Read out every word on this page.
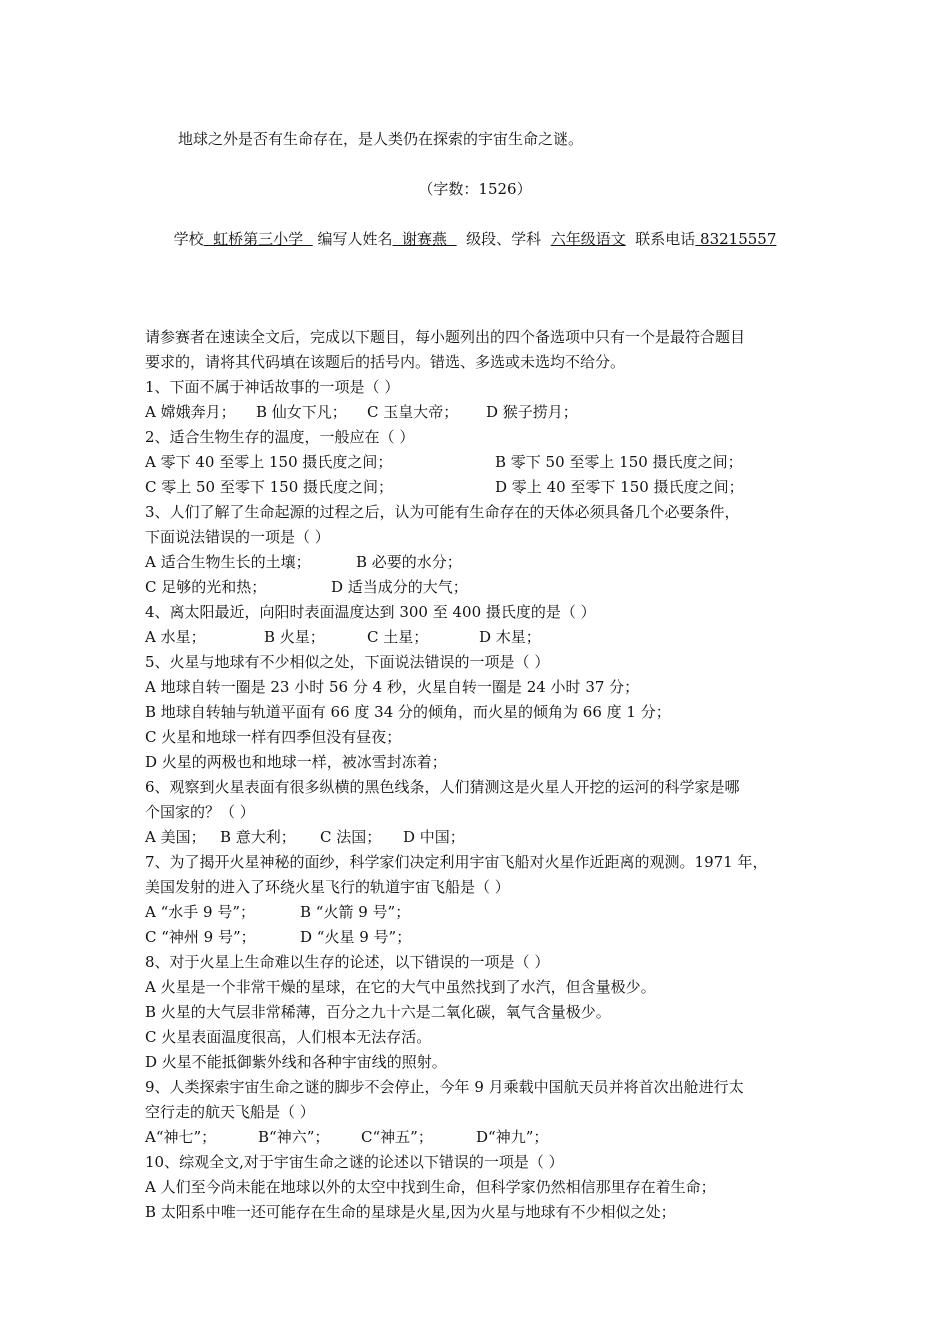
地球之外是否有生命存在，是人类仍在探索的宇宙生命之谜。
（字数：1526）
学校  虹桥第三小学   编写人姓名  谢赛燕    级段、学科 六年级语文 联系电话 83215557
请参赛者在速读全文后，完成以下题目，每小题列出的四个备选项中只有一个是最符合题目
要求的，请将其代码填在该题后的括号内。错选、多选或未选均不给分。
1、下面不属于神话故事的一项是（ ）
A 嫦娥奔月； B 仙女下凡； C 玉皇大帝； D 猴子捞月；
2、适合生物生存的温度，一般应在（ ）
A 零下 40 至零上 150 摄氏度之间；	B 零下 50 至零上 150 摄氏度之间；
C 零上 50 至零下 150 摄氏度之间；	D 零上 40 至零下 150 摄氏度之间；
3、人们了解了生命起源的过程之后，认为可能有生命存在的天体必须具备几个必要条件，
下面说法错误的一项是（ ）
A 适合生物生长的土壤；	B 必要的水分；
C 足够的光和热；	D 适当成分的大气；
4、离太阳最近，向阳时表面温度达到 300 至 400 摄氏度的是（ ）
A 水星；	B 火星；	C 土星；	D 木星；
5、火星与地球有不少相似之处，下面说法错误的一项是（ ）
A 地球自转一圈是 23 小时 56 分 4 秒，火星自转一圈是 24 小时 37 分；
B 地球自转轴与轨道平面有 66 度 34 分的倾角，而火星的倾角为 66 度 1 分；
C 火星和地球一样有四季但没有昼夜；
D 火星的两极也和地球一样，被冰雪封冻着；
6、观察到火星表面有很多纵横的黑色线条，人们猜测这是火星人开挖的运河的科学家是哪
个国家的？（ ）
A 美国； B 意大利； C 法国； D 中国；
7、为了揭开火星神秘的面纱，科学家们决定利用宇宙飞船对火星作近距离的观测。1971 年，
美国发射的进入了环绕火星飞行的轨道宇宙飞船是（ ）
A “水手 9 号”；	B “火箭 9 号”；
C “神州 9 号”；	D “火星 9 号”；
8、对于火星上生命难以生存的论述，以下错误的一项是（ ）
A 火星是一个非常干燥的星球，在它的大气中虽然找到了水汽，但含量极少。
B 火星的大气层非常稀薄，百分之九十六是二氧化碳，氧气含量极少。
C 火星表面温度很高，人们根本无法存活。
D 火星不能抵御紫外线和各种宇宙线的照射。
9、人类探索宇宙生命之谜的脚步不会停止，今年 9 月乘载中国航天员并将首次出舱进行太
空行走的航天飞船是（ ）
A“神七”；	B“神六”； C“神五”；	D“神九”；
10、综观全文,对于宇宙生命之谜的论述以下错误的一项是（ ）
A 人们至今尚未能在地球以外的太空中找到生命，但科学家仍然相信那里存在着生命；
B 太阳系中唯一还可能存在生命的星球是火星,因为火星与地球有不少相似之处；
